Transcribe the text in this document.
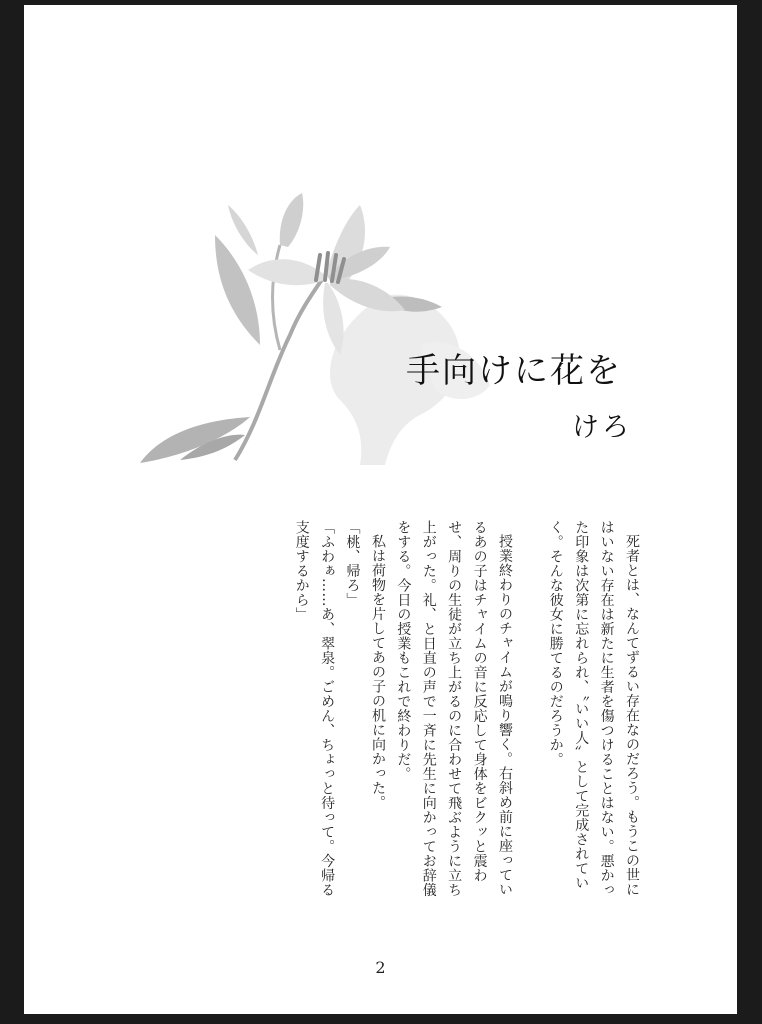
手向けに花を
けろ

死者とは、なんてずるい存在なのだろう。もうこの世にはいない存在は新たに生者を傷つけることはない。悪かった印象は次第に忘れられ、〝いい人〟として完成されていく。そんな彼女に勝てるのだろうか。

授業終わりのチャイムが鳴り響く。右斜め前に座っているあの子はチャイムの音に反応して身体をビクッと震わせ、周りの生徒が立ち上がるのに合わせて飛ぶように立ち上がった。礼、と日直の声で一斉に先生に向かってお辞儀をする。今日の授業もこれで終わりだ。

私は荷物を片してあの子の机に向かった。

「桃、帰ろ」

「ふわぁ……あ、翠泉。ごめん、ちょっと待って。今帰る支度するから」

2
